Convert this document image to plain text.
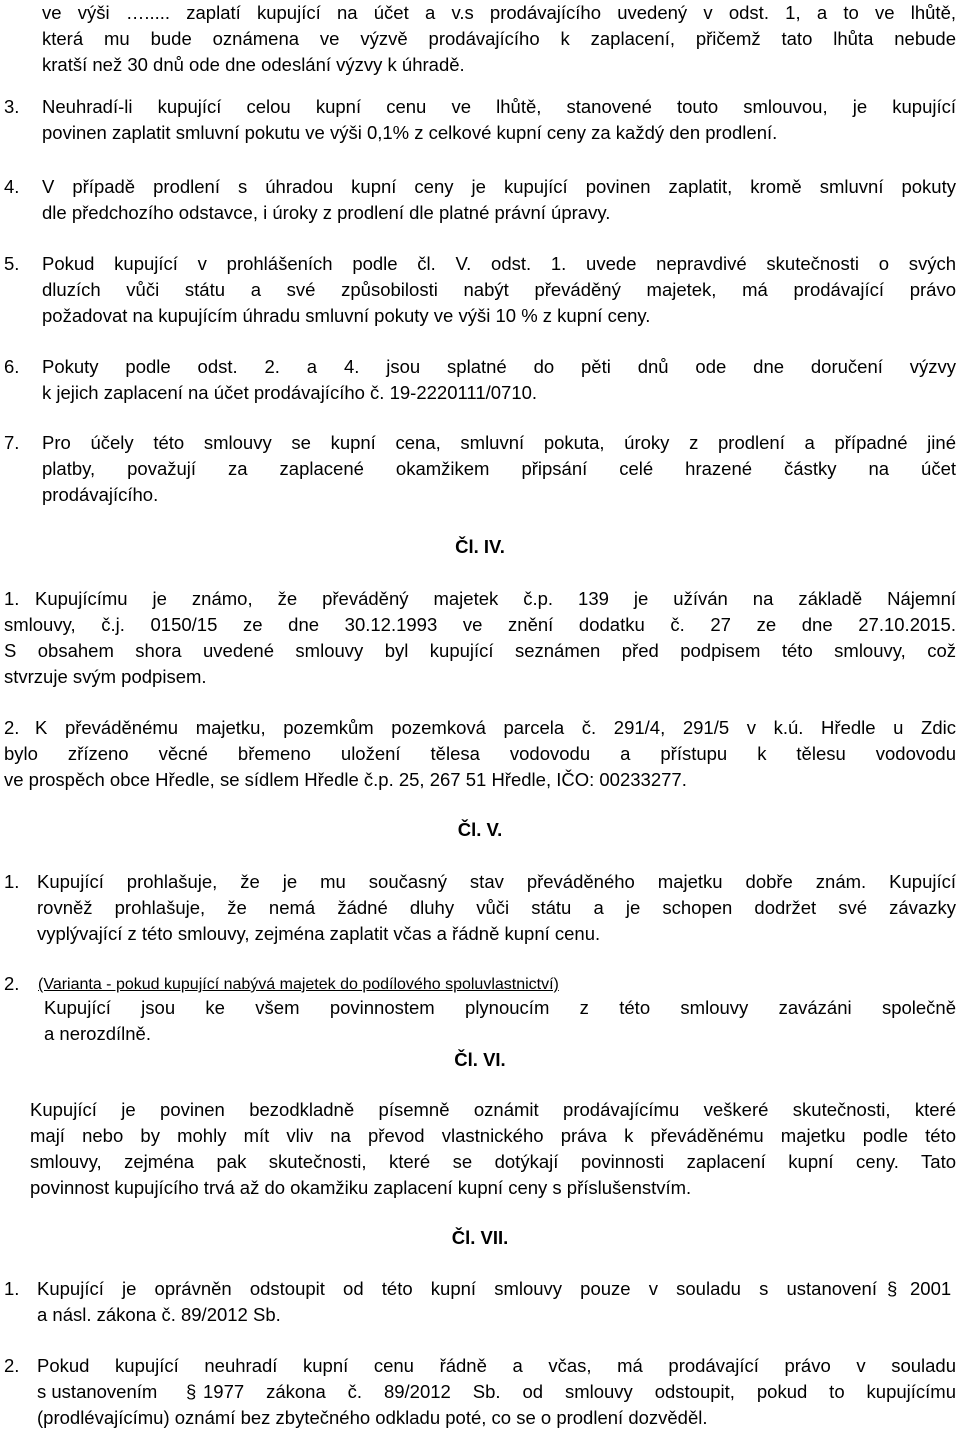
ve výši …..... zaplatí kupující na účet a v.s prodávajícího uvedený v odst. 1, a to ve lhůtě,
která mu bude oznámena ve výzvě prodávajícího k zaplacení, přičemž tato lhůta nebude
kratší než 30 dnů ode dne odeslání výzvy k úhradě.
3. Neuhradí-li kupující celou kupní cenu ve lhůtě, stanovené touto smlouvou, je kupující
povinen zaplatit smluvní pokutu ve výši 0,1% z celkové kupní ceny za každý den prodlení.
4. V případě prodlení s úhradou kupní ceny je kupující povinen zaplatit, kromě smluvní pokuty
dle předchozího odstavce, i úroky z prodlení dle platné právní úpravy.
5. Pokud kupující v prohlášeních podle čl. V. odst. 1. uvede nepravdivé skutečnosti o svých
dluzích vůči státu a své způsobilosti nabýt převáděný majetek, má prodávající právo
požadovat na kupujícím úhradu smluvní pokuty ve výši 10 % z kupní ceny.
6. Pokuty podle odst. 2. a 4. jsou splatné do pěti dnů ode dne doručení výzvy
k jejich zaplacení na účet prodávajícího č. 19-2220111/0710.
7. Pro účely této smlouvy se kupní cena, smluvní pokuta, úroky z prodlení a případné jiné
platby, považují za zaplacené okamžikem připsání celé hrazené částky na účet
prodávajícího.
Čl. IV.
1. Kupujícímu je známo, že převáděný majetek č.p. 139 je užíván na základě Nájemní
smlouvy, č.j. 0150/15 ze dne 30.12.1993 ve znění dodatku č. 27 ze dne 27.10.2015.
S obsahem shora uvedené smlouvy byl kupující seznámen před podpisem této smlouvy, což
stvrzuje svým podpisem.
2. K převáděnému majetku, pozemkům pozemková parcela č. 291/4, 291/5 v k.ú. Hředle u Zdic
bylo zřízeno věcné břemeno uložení tělesa vodovodu a přístupu k tělesu vodovodu
ve prospěch obce Hředle, se sídlem Hředle č.p. 25, 267 51 Hředle, IČO: 00233277.
Čl. V.
1. Kupující prohlašuje, že je mu současný stav převáděného majetku dobře znám. Kupující
rovněž prohlašuje, že nemá žádné dluhy vůči státu a je schopen dodržet své závazky
vyplývající z této smlouvy, zejména zaplatit včas a řádně kupní cenu.
2. (Varianta - pokud kupující nabývá majetek do podílového spoluvlastnictví)
Kupující jsou ke všem povinnostem plynoucím z této smlouvy zavázáni společně
a nerozdílně.
Čl. VI.
Kupující je povinen bezodkladně písemně oznámit prodávajícímu veškeré skutečnosti, které
mají nebo by mohly mít vliv na převod vlastnického práva k převáděnému majetku podle této
smlouvy, zejména pak skutečnosti, které se dotýkají povinnosti zaplacení kupní ceny. Tato
povinnost kupujícího trvá až do okamžiku zaplacení kupní ceny s příslušenstvím.
Čl. VII.
1. Kupující je oprávněn odstoupit od této kupní smlouvy pouze v souladu s ustanovení § 2001
a násl. zákona č. 89/2012 Sb.
2. Pokud kupující neuhradí kupní cenu řádně a včas, má prodávající právo v souladu
s ustanovením § 1977 zákona č. 89/2012 Sb. od smlouvy odstoupit, pokud to kupujícímu
(prodlévajícímu) oznámí bez zbytečného odkladu poté, co se o prodlení dozvěděl.
